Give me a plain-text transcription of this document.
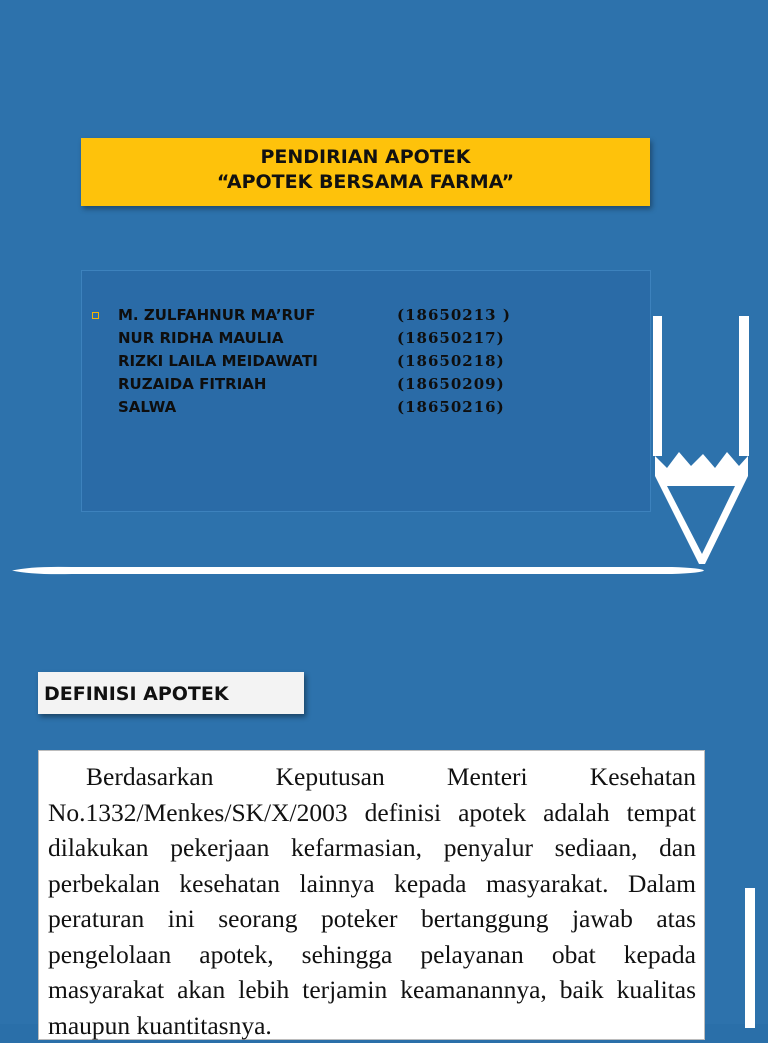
PENDIRIAN APOTEK
“APOTEK BERSAMA FARMA”
M. ZULFAHNUR MA’RUF	(18650213 )
NUR RIDHA MAULIA	(18650217)
RIZKI LAILA MEIDAWATI	(18650218)
RUZAIDA FITRIAH	(18650209)
SALWA	(18650216)
DEFINISI APOTEK
Berdasarkan Keputusan Menteri Kesehatan No.1332/Menkes/SK/X/2003 definisi apotek adalah tempat dilakukan pekerjaan kefarmasian, penyalur sediaan, dan perbekalan kesehatan lainnya kepada masyarakat. Dalam peraturan ini seorang poteker bertanggung jawab atas pengelolaan apotek, sehingga pelayanan obat kepada masyarakat akan lebih terjamin keamanannya, baik kualitas maupun kuantitasnya.
